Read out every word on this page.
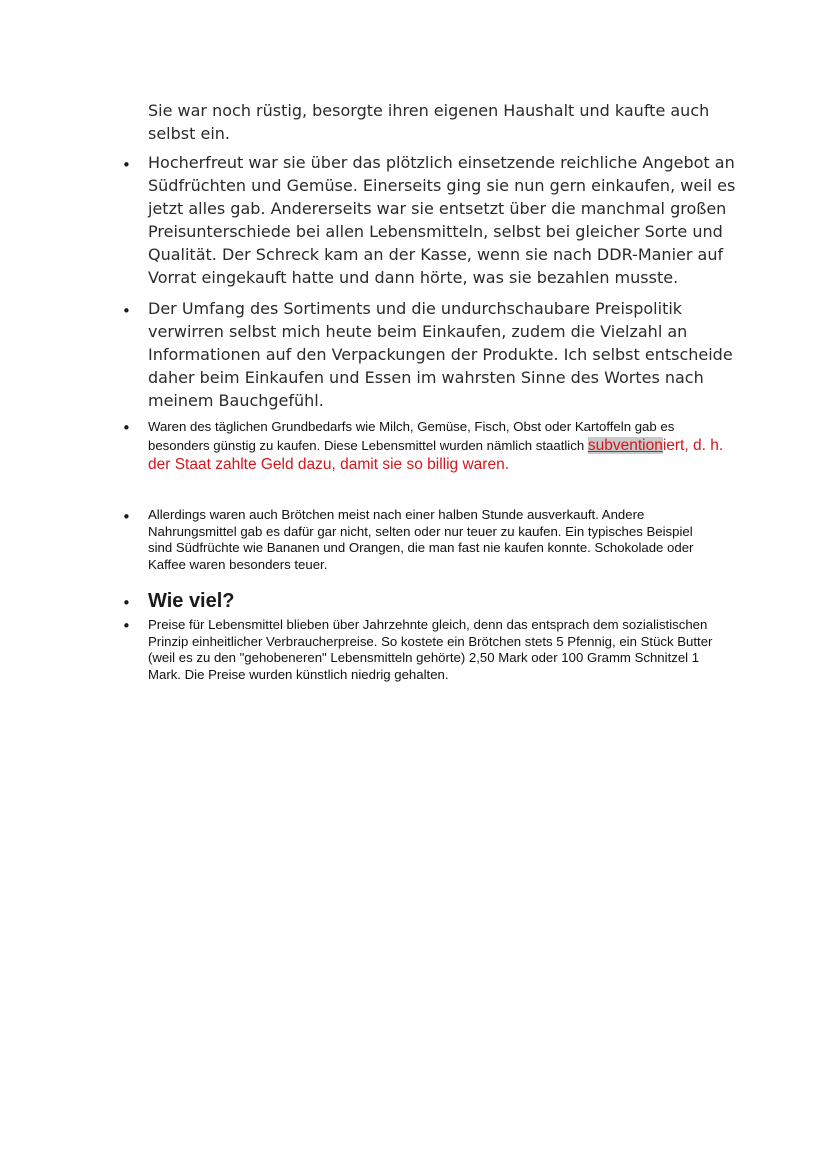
Sie war noch rüstig, besorgte ihren eigenen Haushalt und kaufte auch selbst ein.

• Hocherfreut war sie über das plötzlich einsetzende reichliche Angebot an Südfrüchten und Gemüse. Einerseits ging sie nun gern einkaufen, weil es jetzt alles gab. Andererseits war sie entsetzt über die manchmal großen Preisunterschiede bei allen Lebensmitteln, selbst bei gleicher Sorte und Qualität. Der Schreck kam an der Kasse, wenn sie nach DDR-Manier auf Vorrat eingekauft hatte und dann hörte, was sie bezahlen musste.

• Der Umfang des Sortiments und die undurchschaubare Preispolitik verwirren selbst mich heute beim Einkaufen, zudem die Vielzahl an Informationen auf den Verpackungen der Produkte. Ich selbst entscheide daher beim Einkaufen und Essen im wahrsten Sinne des Wortes nach meinem Bauchgefühl.

• Waren des täglichen Grundbedarfs wie Milch, Gemüse, Fisch, Obst oder Kartoffeln gab es besonders günstig zu kaufen. Diese Lebensmittel wurden nämlich staatlich subventioniert, d. h. der Staat zahlte Geld dazu, damit sie so billig waren.

• Allerdings waren auch Brötchen meist nach einer halben Stunde ausverkauft. Andere Nahrungsmittel gab es dafür gar nicht, selten oder nur teuer zu kaufen. Ein typisches Beispiel sind Südfrüchte wie Bananen und Orangen, die man fast nie kaufen konnte. Schokolade oder Kaffee waren besonders teuer.

• Wie viel?
• Preise für Lebensmittel blieben über Jahrzehnte gleich, denn das entsprach dem sozialistischen Prinzip einheitlicher Verbraucherpreise. So kostete ein Brötchen stets 5 Pfennig, ein Stück Butter (weil es zu den "gehobeneren" Lebensmitteln gehörte) 2,50 Mark oder 100 Gramm Schnitzel 1 Mark. Die Preise wurden künstlich niedrig gehalten.
